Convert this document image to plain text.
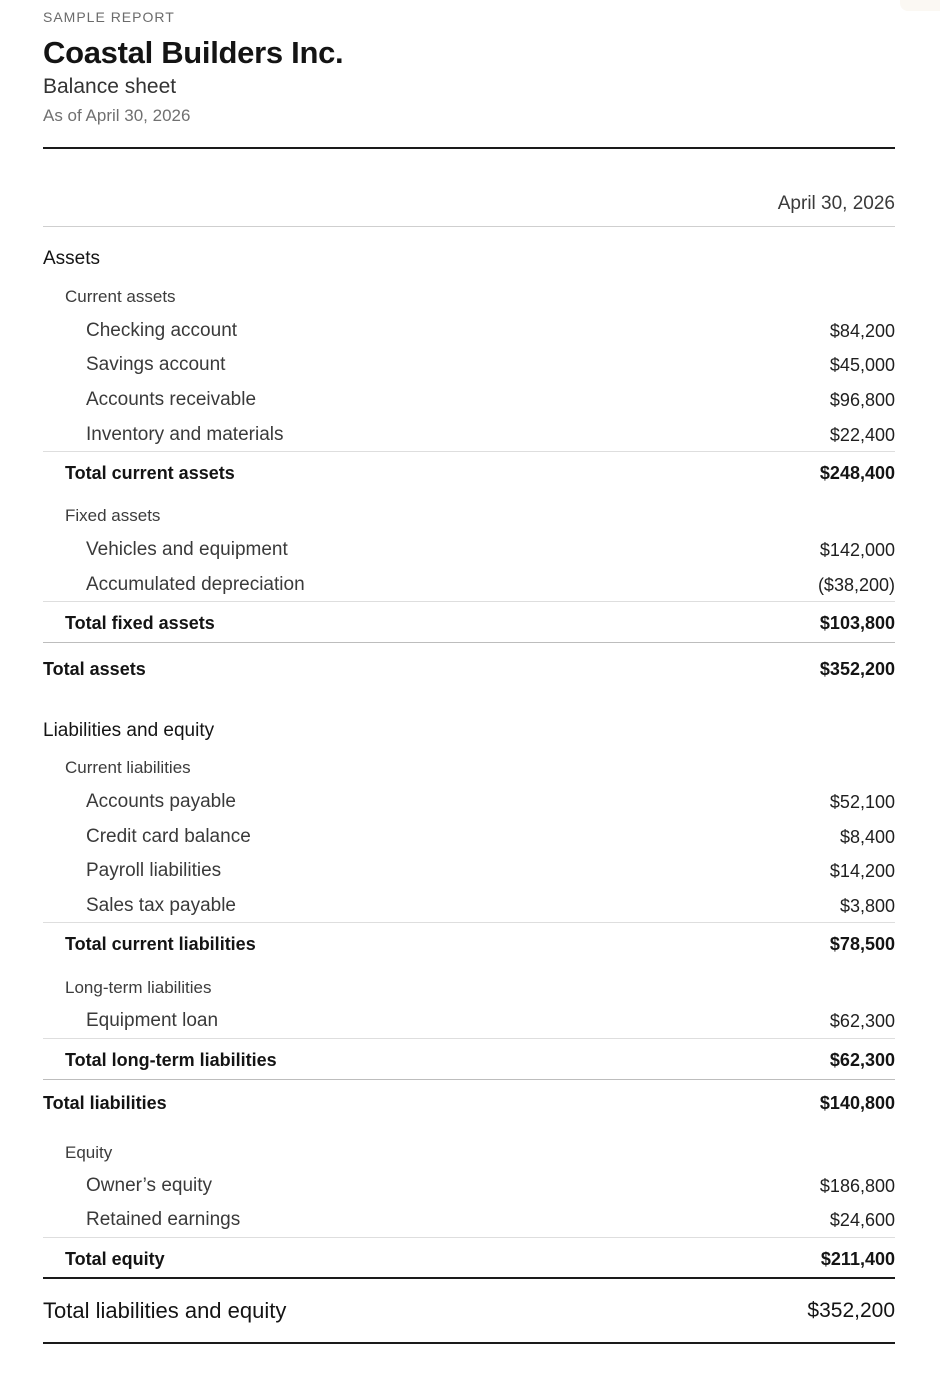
SAMPLE REPORT
Coastal Builders Inc.
Balance sheet
As of April 30, 2026
April 30, 2026
Assets
Current assets
Checking account	$84,200
Savings account	$45,000
Accounts receivable	$96,800
Inventory and materials	$22,400
Total current assets	$248,400
Fixed assets
Vehicles and equipment	$142,000
Accumulated depreciation	($38,200)
Total fixed assets	$103,800
Total assets	$352,200
Liabilities and equity
Current liabilities
Accounts payable	$52,100
Credit card balance	$8,400
Payroll liabilities	$14,200
Sales tax payable	$3,800
Total current liabilities	$78,500
Long-term liabilities
Equipment loan	$62,300
Total long-term liabilities	$62,300
Total liabilities	$140,800
Equity
Owner’s equity	$186,800
Retained earnings	$24,600
Total equity	$211,400
Total liabilities and equity	$352,200
